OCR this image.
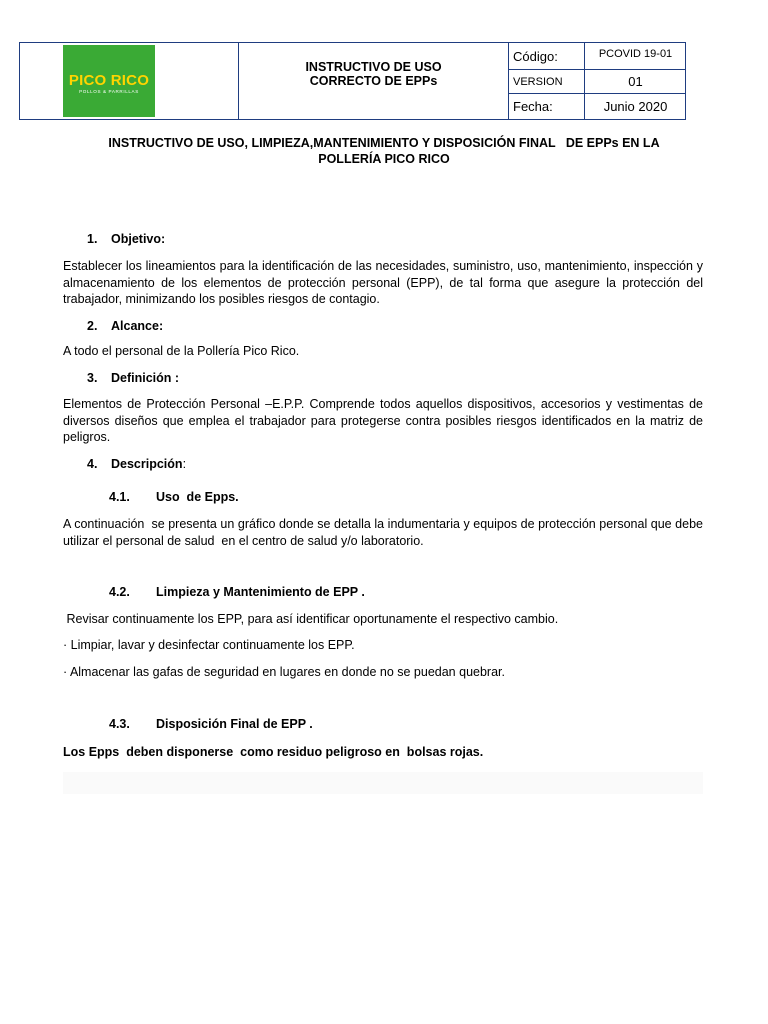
PICO RICO
POLLOS & PARRILLAS
INSTRUCTIVO DE USO
CORRECTO DE EPPs
Código:	PCOVID 19-01
VERSION	01
Fecha:	Junio 2020
INSTRUCTIVO DE USO, LIMPIEZA,MANTENIMIENTO Y DISPOSICIÓN FINAL   DE EPPs EN LA
POLLERÍA PICO RICO
1. Objetivo:
Establecer los lineamientos para la identificación de las necesidades, suministro, uso, mantenimiento, inspección y almacenamiento de los elementos de protección personal (EPP), de tal forma que asegure la protección del trabajador, minimizando los posibles riesgos de contagio.
2. Alcance:
A todo el personal de la Pollería Pico Rico.
3. Definición :
Elementos de Protección Personal –E.P.P. Comprende todos aquellos dispositivos, accesorios y vestimentas de diversos diseños que emplea el trabajador para protegerse contra posibles riesgos identificados en la matriz de peligros.
4. Descripción:
4.1. Uso  de Epps.
A continuación  se presenta un gráfico donde se detalla la indumentaria y equipos de protección personal que debe utilizar el personal de salud  en el centro de salud y/o laboratorio.
4.2. Limpieza y Mantenimiento de EPP .
Revisar continuamente los EPP, para así identificar oportunamente el respectivo cambio.
· Limpiar, lavar y desinfectar continuamente los EPP.
· Almacenar las gafas de seguridad en lugares en donde no se puedan quebrar.
4.3. Disposición Final de EPP .
Los Epps  deben disponerse  como residuo peligroso en  bolsas rojas.
